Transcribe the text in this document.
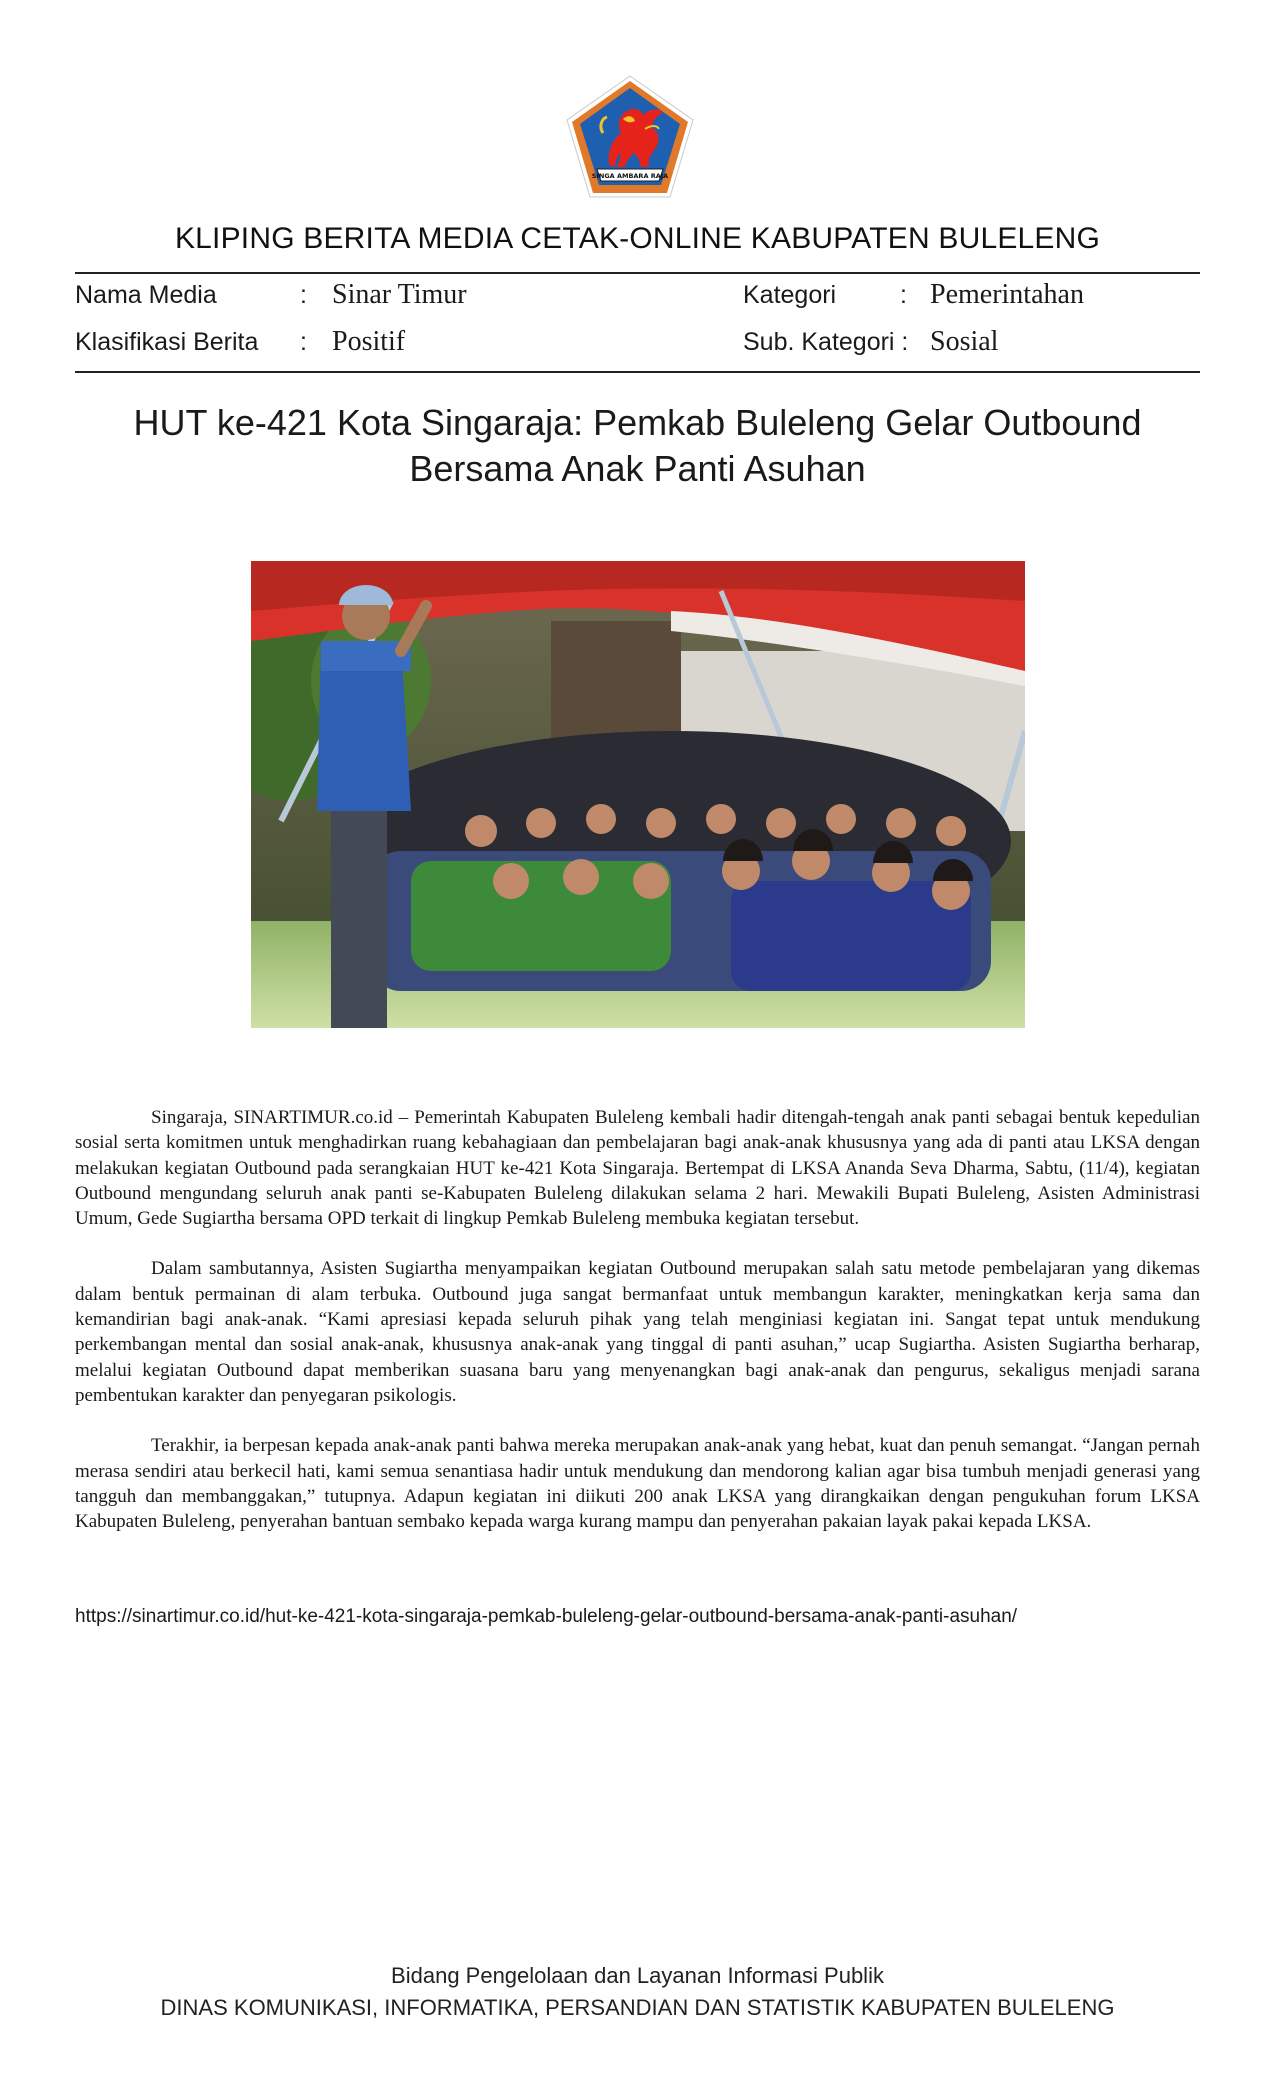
SINGA AMBARA RAJA
KLIPING BERITA MEDIA CETAK-ONLINE KABUPATEN BULELENG
Nama Media	: Sinar Timur	Kategori	: Pemerintahan
Klasifikasi Berita : Positif	Sub. Kategori : Sosial
HUT ke-421 Kota Singaraja: Pemkab Buleleng Gelar Outbound Bersama Anak Panti Asuhan

Singaraja, SINARTIMUR.co.id – Pemerintah Kabupaten Buleleng kembali hadir ditengah-tengah anak panti sebagai bentuk kepedulian sosial serta komitmen untuk menghadirkan ruang kebahagiaan dan pembelajaran bagi anak-anak khususnya yang ada di panti atau LKSA dengan melakukan kegiatan Outbound pada serangkaian HUT ke-421 Kota Singaraja. Bertempat di LKSA Ananda Seva Dharma, Sabtu, (11/4), kegiatan Outbound mengundang seluruh anak panti se-Kabupaten Buleleng dilakukan selama 2 hari. Mewakili Bupati Buleleng, Asisten Administrasi Umum, Gede Sugiartha bersama OPD terkait di lingkup Pemkab Buleleng membuka kegiatan tersebut.

Dalam sambutannya, Asisten Sugiartha menyampaikan kegiatan Outbound merupakan salah satu metode pembelajaran yang dikemas dalam bentuk permainan di alam terbuka. Outbound juga sangat bermanfaat untuk membangun karakter, meningkatkan kerja sama dan kemandirian bagi anak-anak. “Kami apresiasi kepada seluruh pihak yang telah menginiasi kegiatan ini. Sangat tepat untuk mendukung perkembangan mental dan sosial anak-anak, khususnya anak-anak yang tinggal di panti asuhan,” ucap Sugiartha. Asisten Sugiartha berharap, melalui kegiatan Outbound dapat memberikan suasana baru yang menyenangkan bagi anak-anak dan pengurus, sekaligus menjadi sarana pembentukan karakter dan penyegaran psikologis.

Terakhir, ia berpesan kepada anak-anak panti bahwa mereka merupakan anak-anak yang hebat, kuat dan penuh semangat. “Jangan pernah merasa sendiri atau berkecil hati, kami semua senantiasa hadir untuk mendukung dan mendorong kalian agar bisa tumbuh menjadi generasi yang tangguh dan membanggakan,” tutupnya. Adapun kegiatan ini diikuti 200 anak LKSA yang dirangkaikan dengan pengukuhan forum LKSA Kabupaten Buleleng, penyerahan bantuan sembako kepada warga kurang mampu dan penyerahan pakaian layak pakai kepada LKSA.

https://sinartimur.co.id/hut-ke-421-kota-singaraja-pemkab-buleleng-gelar-outbound-bersama-anak-panti-asuhan/
Bidang Pengelolaan dan Layanan Informasi Publik
DINAS KOMUNIKASI, INFORMATIKA, PERSANDIAN DAN STATISTIK KABUPATEN BULELENG
